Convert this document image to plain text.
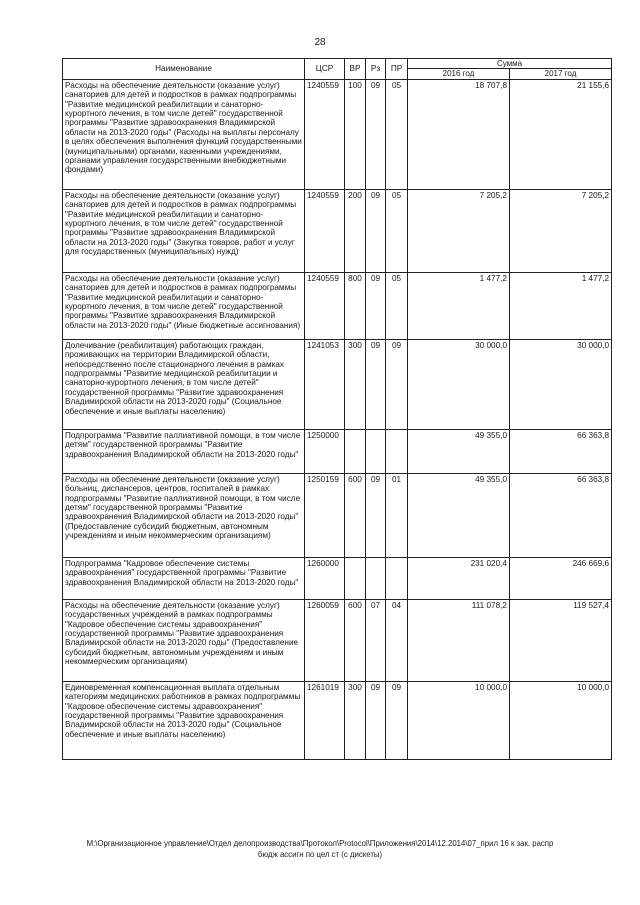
28
Наименование	ЦСР	ВР	Рз	ПР	Сумма	
					2016 год	2017 год
Расходы на обеспечение деятельности (оказание услуг) санаториев для детей и подростков в рамках подпрограммы "Развитие медицинской реабилитации и санаторно-курортного лечения, в том числе детей" государственной программы "Развитие здравоохранения Владимирской области на 2013-2020 годы" (Расходы на выплаты персоналу в целях обеспечения выполнения функций государственными (муниципальными) органами, казенными учреждениями, органами управления государственными внебюджетными фондами)	1240559	100	09	05	18 707,8	21 155,6
Расходы на обеспечение деятельности (оказание услуг) санаториев для детей и подростков в рамках подпрограммы "Развитие медицинской реабилитации и санаторно-курортного лечения, в том числе детей" государственной программы "Развитие здравоохранения Владимирской области на 2013-2020 годы" (Закупка товаров, работ и услуг для государственных (муниципальных) нужд)	1240559	200	09	05	7 205,2	7 205,2
Расходы на обеспечение деятельности (оказание услуг) санаториев для детей и подростков в рамках подпрограммы "Развитие медицинской реабилитации и санаторно-курортного лечения, в том числе детей" государственной программы "Развитие здравоохранения Владимирской области на 2013-2020 годы" (Иные бюджетные ассигнования)	1240559	800	09	05	1 477,2	1 477,2
Долечивание (реабилитация) работающих граждан, проживающих на территории Владимирской области, непосредственно после стационарного лечения в рамках подпрограммы "Развитие медицинской реабилитации и санаторно-курортного лечения, в том числе детей" государственной программы "Развитие здравоохранения Владимирской области на 2013-2020 годы" (Социальное обеспечение и иные выплаты населению)	1241053	300	09	09	30 000,0	30 000,0
Подпрограмма "Развитие паллиативной помощи, в том числе детям" государственной программы "Развитие здравоохранения Владимирской области на 2013-2020 годы"	1250000				49 355,0	66 363,8
Расходы на обеспечение деятельности (оказание услуг) больниц, диспансеров, центров, госпиталей в рамках подпрограммы "Развитие паллиативной помощи, в том числе детям" государственной программы "Развитие здравоохранения Владимирской области на 2013-2020 годы" (Предоставление субсидий бюджетным, автономным учреждениям и иным некоммерческим организациям)	1250159	600	09	01	49 355,0	66 363,8
Подпрограмма "Кадровое обеспечение системы здравоохранения" государственной программы "Развитие здравоохранения Владимирской области на 2013-2020 годы"	1260000				231 020,4	246 669,6
Расходы на обеспечение деятельности (оказание услуг) государственных учреждений в рамках подпрограммы "Кадровое обеспечение системы здравоохранения" государственной программы "Развитие здравоохранения Владимирской области на 2013-2020 годы" (Предоставление субсидий бюджетным, автономным учреждениям и иным некоммерческим организациям)	1260059	600	07	04	111 078,2	119 527,4
Единовременная компенсационная выплата отдельным категориям медицинских работников в рамках подпрограммы "Кадровое обеспечение системы здравоохранения" государственной программы "Развитие здравоохранения Владимирской области на 2013-2020 годы" (Социальное обеспечение и иные выплаты населению)	1261019	300	09	09	10 000,0	10 000,0
M:\Организационное управление\Отдел делопроизводства\Протокол\Protocol\Приложения\2014\12.2014\07_прил 16 к зак. распр
бюдж ассигн по цел ст (с дискеты)
